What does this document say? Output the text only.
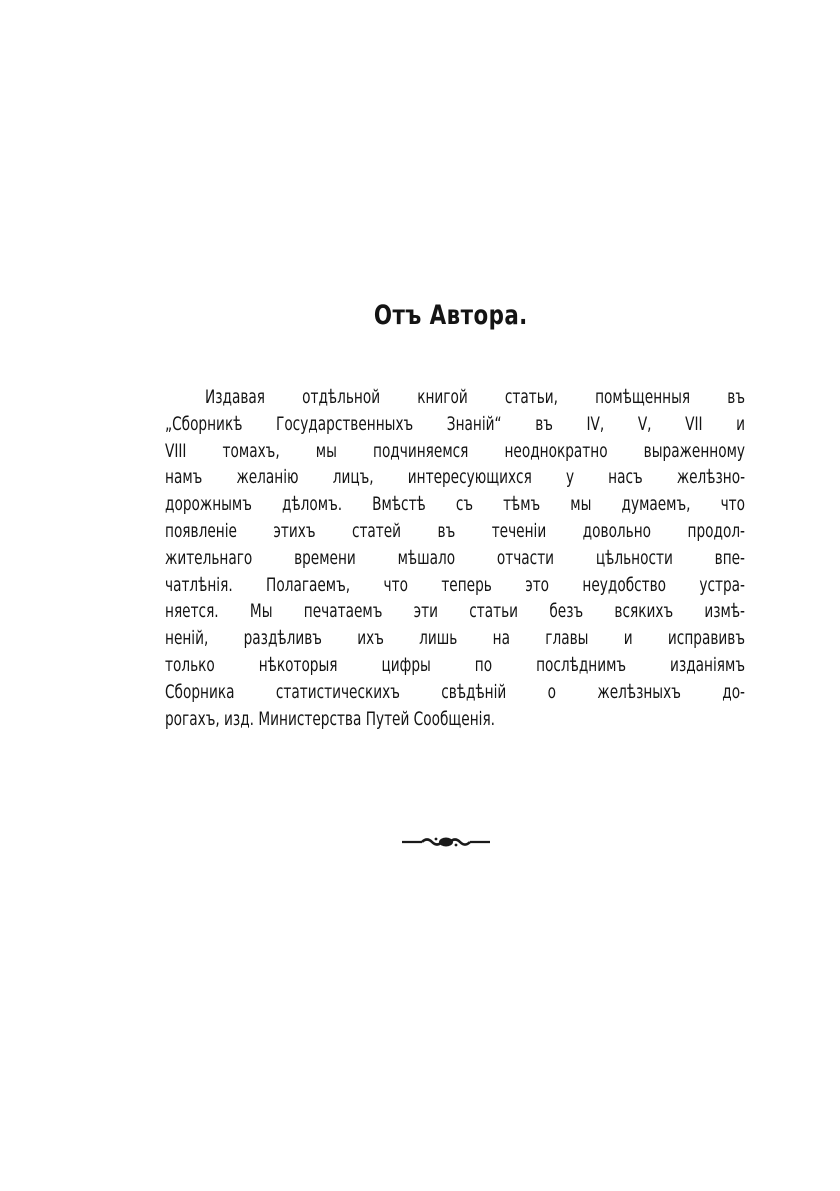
Отъ Автора.
Издавая отдѣльной книгой статьи, помѣщенныя въ
„Сборникѣ Государственныхъ Знаній“ въ IV, V, VII и
VIII томахъ, мы подчиняемся неоднократно выраженному
намъ желанію лицъ, интересующихся у насъ желѣзно-
дорожнымъ дѣломъ. Вмѣстѣ съ тѣмъ мы думаемъ, что
появленіе этихъ статей въ теченіи довольно продол-
жительнаго времени мѣшало отчасти цѣльности впе-
чатлѣнія. Полагаемъ, что теперь это неудобство устра-
няется. Мы печатаемъ эти статьи безъ всякихъ измѣ-
неній, раздѣливъ ихъ лишь на главы и исправивъ
только нѣкоторыя цифры по послѣднимъ изданіямъ
Сборника статистическихъ свѣдѣній о желѣзныхъ до-
рогахъ, изд. Министерства Путей Сообщенія.
